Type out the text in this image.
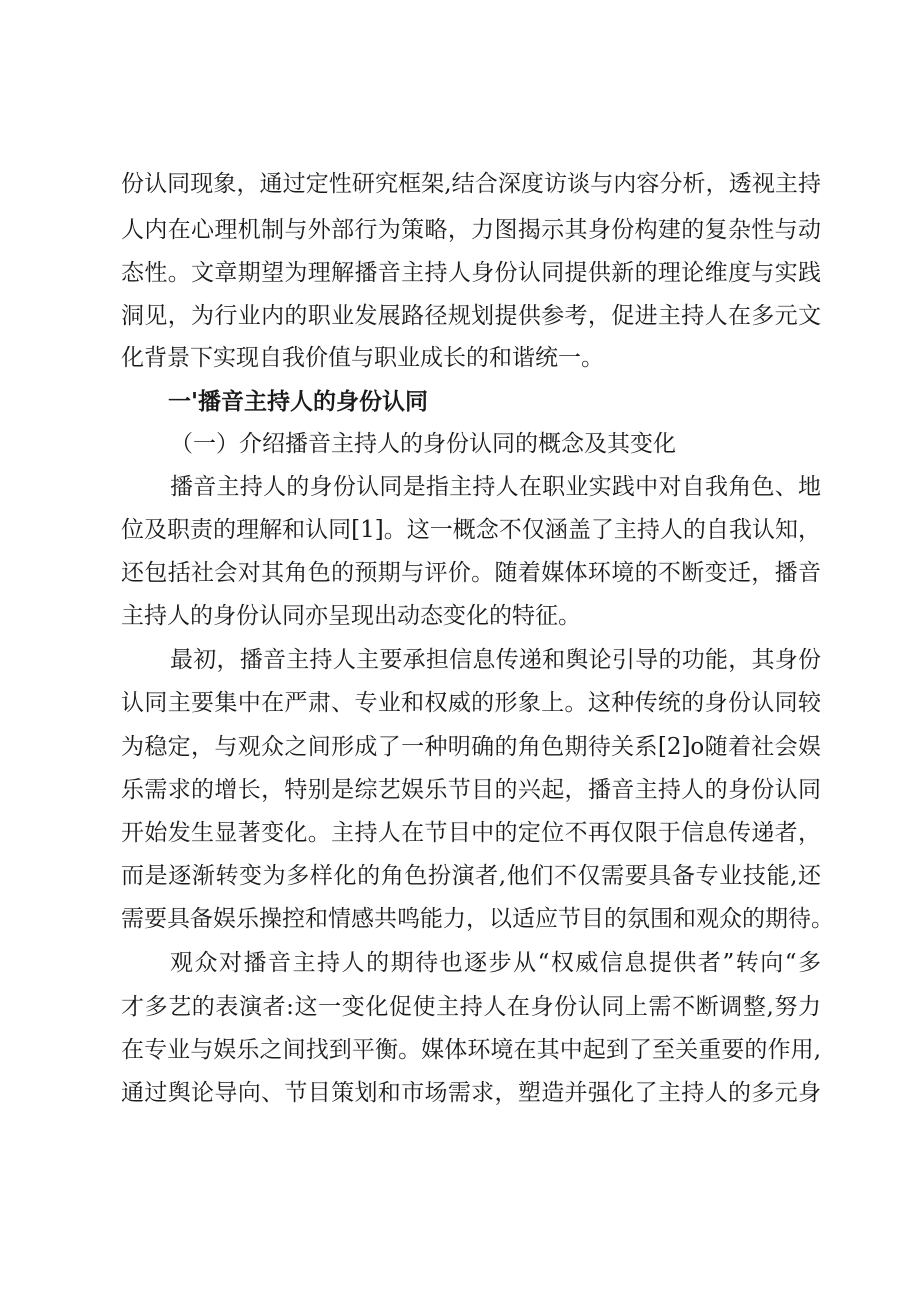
份认同现象，通过定性研究框架,结合深度访谈与内容分析，透视主持
人内在心理机制与外部行为策略，力图揭示其身份构建的复杂性与动
态性。文章期望为理解播音主持人身份认同提供新的理论维度与实践
洞见，为行业内的职业发展路径规划提供参考，促进主持人在多元文
化背景下实现自我价值与职业成长的和谐统一。
一'播音主持人的身份认同
（一）介绍播音主持人的身份认同的概念及其变化
播音主持人的身份认同是指主持人在职业实践中对自我角色、地
位及职责的理解和认同[1]。这一概念不仅涵盖了主持人的自我认知，
还包括社会对其角色的预期与评价。随着媒体环境的不断变迁，播音
主持人的身份认同亦呈现出动态变化的特征。
最初，播音主持人主要承担信息传递和舆论引导的功能，其身份
认同主要集中在严肃、专业和权威的形象上。这种传统的身份认同较
为稳定，与观众之间形成了一种明确的角色期待关系[2]o随着社会娱
乐需求的增长，特别是综艺娱乐节目的兴起，播音主持人的身份认同
开始发生显著变化。主持人在节目中的定位不再仅限于信息传递者，
而是逐渐转变为多样化的角色扮演者,他们不仅需要具备专业技能,还
需要具备娱乐操控和情感共鸣能力，以适应节目的氛围和观众的期待。
观众对播音主持人的期待也逐步从“权威信息提供者”转向“多
才多艺的表演者:这一变化促使主持人在身份认同上需不断调整,努力
在专业与娱乐之间找到平衡。媒体环境在其中起到了至关重要的作用,
通过舆论导向、节目策划和市场需求，塑造并强化了主持人的多元身
